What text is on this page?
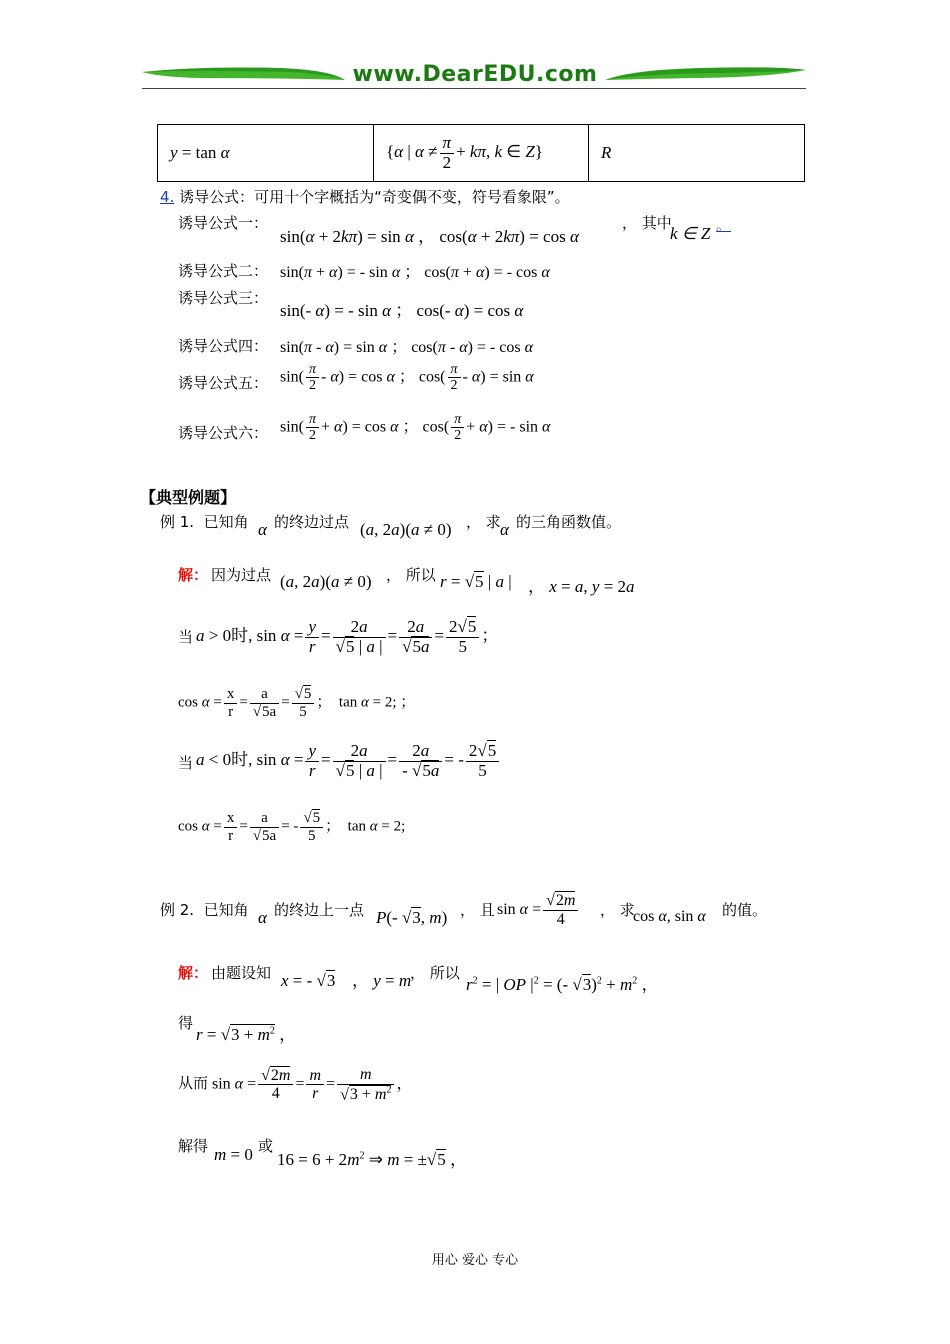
www.DearEDU.com
y = tan α	{α | $\alpha \ne \frac{\pi}{2} + k\pi$, k ∈ Z}	R
4. 诱导公式：可用十个字概括为“奇变偶不变，符号看象限”。
诱导公式一：
sin(α + 2kπ) = sin α ， cos(α + 2kπ) = cos α
， 其中
k ∈ Z 。
诱导公式二： sin(π + α) = - sin α ； cos(π + α) = - cos α
诱导公式三：
sin(- α) = - sin α ； cos(- α) = cos α
诱导公式四： sin(π - α) = sin α ； cos(π - α) = - cos α
诱导公式五： $\sin( \frac{\pi}{2} - \alpha) = \cos \alpha$ ； $\cos( \frac{\pi}{2} - \alpha) = \sin \alpha$
诱导公式六： $\sin( \frac{\pi}{2} + \alpha) = \cos \alpha$ ； $\cos( \frac{\pi}{2} + \alpha)$ = - sin α
【典型例题】
例 1. 已知角 α 的终边过点 (a, 2a)(a ≠ 0) ， 求 α 的三角函数值。
解： 因为过点 (a, 2a)(a ≠ 0) ， 所以 r = √5 | a | ， x = a, y = 2a
当 a > 0时, $\sin \alpha = \frac{y}{r} = \frac{2a}{√5 | a |} = \frac{2a}{√5a} = \frac{2√5}{5}$ ；
$\cos \alpha = \frac{x}{r} = \frac{a}{√5a} = \frac{√5}{5}$ ；  tan α = 2; ；
当 a < 0时, $\sin \alpha = \frac{y}{r} = \frac{2a}{√5 | a |} = \frac{2a}{- √5a}$ = - $\frac{2√5}{5}$
$\cos \alpha = \frac{x}{r} = \frac{a}{√5a}$ = - $\frac{√5}{5}$ ；  tan α = 2;
例 2. 已知角 α 的终边上一点 P(- √3, m) ， 且 $\sin \alpha = \frac{√2m}{4}$ ， 求
cos α, sin α 的值。
解： 由题设知 x = - √3 ， y = m
， 所以
$r^2$ = | OP $|^2$ = (- $√3)^2 + m^2$ ，
得
$r = √3 + m^2$ ，
从而 $\sin \alpha = \frac{√2m}{4} = \frac{m}{r} = \frac{m}{√3 + m^2}$ ，
解得 m = 0 或
$16 = 6 + 2m^2$ ⇒ m = ±√5 ，
用心 爱心 专心
